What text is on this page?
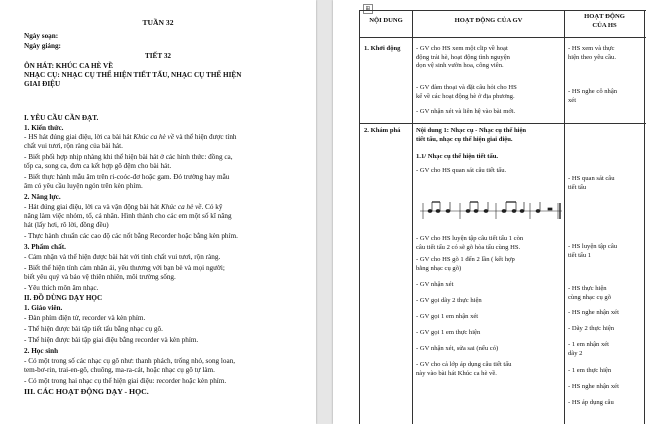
TUẦN 32
Ngày soạn:
Ngày giảng:
TIẾT 32
ÔN HÁT: KHÚC CA HÈ VỀ
NHẠC CỤ: NHẠC CỤ THỂ HIỆN TIẾT TẤU, NHẠC CỤ THỂ HIỆN
GIAI ĐIỆU
I. YÊU CẦU CẦN ĐẠT.
1. Kiến thức.
- HS hát đúng giai điệu, lời ca bài hát Khúc ca hè về và thể hiện được tính
chất vui tươi, rộn ràng của bài hát.
- Biết phối hợp nhịp nhàng khi thể hiện bài hát ở các hình thức: đồng ca,
tốp ca, song ca, đơn ca kết hợp gõ đệm cho bài hát.
- Biết thực hành mẫu âm trên ri-coóc-đơ hoặc gam. Đó trường hay mẫu
âm có yêu cầu luyện ngón trên kèn phím.
2. Năng lực.
- Hát đúng giai điệu, lời ca và vận động bài hát Khúc ca hè về. Có kỹ
năng làm việc nhóm, tổ, cá nhân. Hình thành cho các em một số kĩ năng
hát (lấy hơi, rõ lời, đồng đều)
- Thực hành chuẩn các cao độ các nốt bằng Recorder hoặc bằng kèn phím.
3. Phẩm chất.
- Cảm nhận và thể hiện được bài hát với tính chất vui tươi, rộn ràng.
- Biết thể hiện tính cảm nhân ái, yêu thương với bạn bè và mọi người;
biết yêu quý và bảo vệ thiên nhiên, môi trường sống.
- Yêu thích môn âm nhạc.
II. ĐỒ DÙNG DẠY HỌC
1. Giáo viên.
- Đàn phím điện tử, recorder và kèn phím.
- Thể hiện được bài tập tiết tấu bằng nhạc cụ gõ.
- Thể hiện được bài tập giai điệu bằng recorder và kèn phím.
2. Học sinh
- Có một trong số các nhạc cụ gõ như: thanh phách, trống nhỏ, song loan,
tem-bơ-rin, trai-en-gô, chuông, ma-ra-cát, hoặc nhạc cụ gõ tự làm.
- Có một trong hai nhạc cụ thể hiện giai điệu: recorder hoặc kèn phím.
III. CÁC HOẠT ĐỘNG DẠY - HỌC.
⊞
NỘI DUNG	HOẠT ĐỘNG CỦA GV
HOẠT ĐỘNG
CỦA HS
1. Khởi động - GV cho HS xem một clip về hoạt
động trải hè, hoạt động tình nguyện
dọn vệ sinh vườn hoa, công viên.
- GV đàm thoại và đặt câu hỏi cho HS
kể về các hoạt động hè ở địa phương.
- GV nhận xét và liên hệ vào bài mới.
- HS xem và thực
hiện theo yêu cầu.
- HS nghe cô nhận
xét
2. Khám phá Nội dung 1: Nhạc cụ - Nhạc cụ thể hiện
tiết tấu, nhạc cụ thể hiện giai điệu.
1.1/ Nhạc cụ thể hiện tiết tấu.
- GV cho HS quan sát câu tiết tấu.
- GV cho HS luyện tập câu tiết tấu 1 còn
câu tiết tấu 2 có sẽ gõ hòa tấu cùng HS.
- GV cho HS gõ 1 đến 2 lần ( kết hợp
bằng nhạc cụ gõ)
- GV nhận xét
- GV gọi dãy 2 thực hiện
- GV gọi 1 em nhận xét
- GV gọi 1 em thực hiện
- GV nhận xét, sửa sai (nếu có)
- GV cho cả lớp áp dụng câu tiết tấu
này vào bài hát Khúc ca hè về.
- HS quan sát câu
tiết tấu
- HS luyện tập câu
tiết tấu 1
- HS thực hiện
cùng nhạc cụ gõ
- HS nghe nhận xét
- Dãy 2 thực hiện
- 1 em nhận xét
dãy 2
- 1 em thực hiện
- HS nghe nhận xét
- HS áp dụng câu
